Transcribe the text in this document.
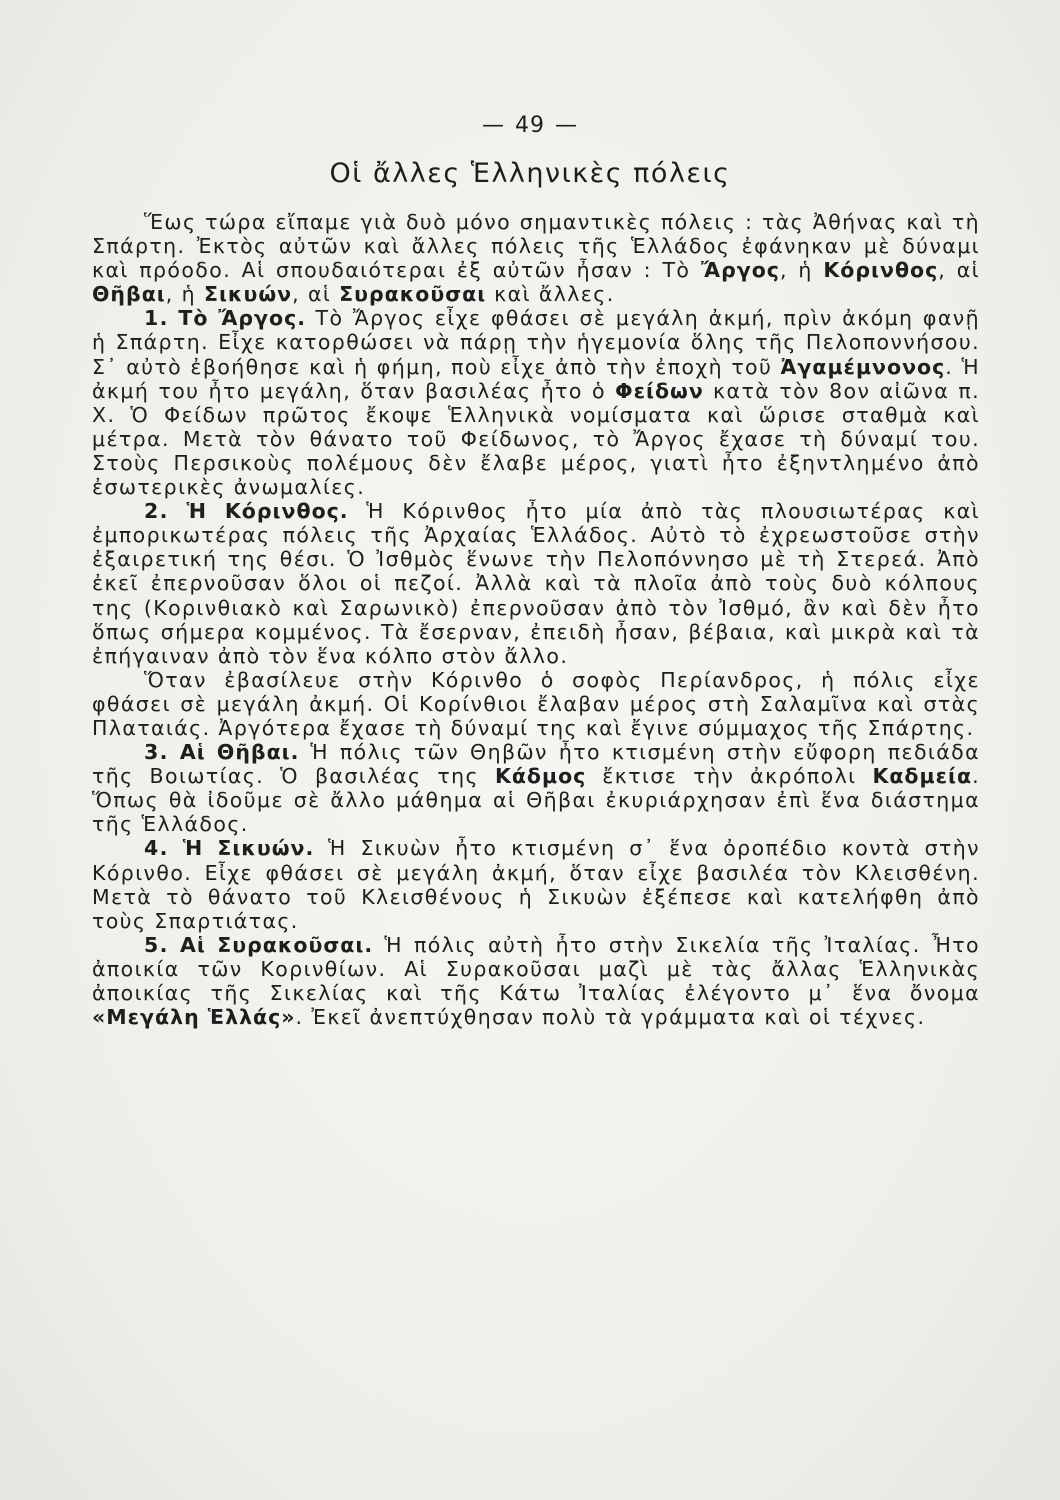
— 49 —
Οἱ ἄλλες Ἑλληνικὲς πόλεις

Ἕως τώρα εἴπαμε γιὰ δυὸ μόνο σημαντικὲς πόλεις : τὰς Ἀθήνας καὶ τὴ Σπάρτη. Ἐκτὸς αὐτῶν καὶ ἄλλες πόλεις τῆς Ἑλλάδος ἐφάνηκαν μὲ δύναμι καὶ πρόοδο. Αἱ σπουδαιότεραι ἐξ αὐτῶν ἦσαν : Τὸ Ἄργος, ἡ Κόρινθος, αἱ Θῆβαι, ἡ Σικυών, αἱ Συρακοῦσαι καὶ ἄλλες.

1. Τὸ Ἄργος. Τὸ Ἄργος εἶχε φθάσει σὲ μεγάλη ἀκμή, πρὶν ἀκόμη φανῇ ἡ Σπάρτη. Εἶχε κατορθώσει νὰ πάρῃ τὴν ἡγεμονία ὅλης τῆς Πελοποννήσου. Σ᾿ αὐτὸ ἐβοήθησε καὶ ἡ φήμη, ποὺ εἶχε ἀπὸ τὴν ἐποχὴ τοῦ Ἀγαμέμνονος. Ἡ ἀκμή του ἦτο μεγάλη, ὅταν βασιλέας ἦτο ὁ Φείδων κατὰ τὸν 8ον αἰῶνα π. Χ. Ὁ Φείδων πρῶτος ἔκοψε Ἑλληνικὰ νομίσματα καὶ ὥρισε σταθμὰ καὶ μέτρα. Μετὰ τὸν θάνατο τοῦ Φείδωνος, τὸ Ἄργος ἔχασε τὴ δύναμί του. Στοὺς Περσικοὺς πολέμους δὲν ἔλαβε μέρος, γιατὶ ἦτο ἐξηντλημένο ἀπὸ ἐσωτερικὲς ἀνωμαλίες.

2. Ἡ Κόρινθος. Ἡ Κόρινθος ἦτο μία ἀπὸ τὰς πλουσιωτέρας καὶ ἐμπορικωτέρας πόλεις τῆς Ἀρχαίας Ἑλλάδος. Αὐτὸ τὸ ἐχρεωστοῦσε στὴν ἐξαιρετική της θέσι. Ὁ Ἰσθμὸς ἕνωνε τὴν Πελοπόννησο μὲ τὴ Στερεά. Ἀπὸ ἐκεῖ ἐπερνοῦσαν ὅλοι οἱ πεζοί. Ἀλλὰ καὶ τὰ πλοῖα ἀπὸ τοὺς δυὸ κόλπους της (Κορινθιακὸ καὶ Σαρωνικὸ) ἐπερνοῦσαν ἀπὸ τὸν Ἰσθμό, ἂν καὶ δὲν ἦτο ὅπως σήμερα κομμένος. Τὰ ἔσερναν, ἐπειδὴ ἦσαν, βέβαια, καὶ μικρὰ καὶ τὰ ἐπήγαιναν ἀπὸ τὸν ἕνα κόλπο στὸν ἄλλο.

Ὅταν ἐβασίλευε στὴν Κόρινθο ὁ σοφὸς Περίανδρος, ἡ πόλις εἶχε φθάσει σὲ μεγάλη ἀκμή. Οἱ Κορίνθιοι ἔλαβαν μέρος στὴ Σαλαμῖνα καὶ στὰς Πλαταιάς. Ἀργότερα ἔχασε τὴ δύναμί της καὶ ἔγινε σύμμαχος τῆς Σπάρτης.

3. Αἱ Θῆβαι. Ἡ πόλις τῶν Θηβῶν ἦτο κτισμένη στὴν εὔφορη πεδιάδα τῆς Βοιωτίας. Ὁ βασιλέας της Κάδμος ἔκτισε τὴν ἀκρόπολι Καδμεία. Ὅπως θὰ ἰδοῦμε σὲ ἄλλο μάθημα αἱ Θῆβαι ἐκυριάρχησαν ἐπὶ ἕνα διάστημα τῆς Ἑλλάδος.

4. Ἡ Σικυών. Ἡ Σικυὼν ἦτο κτισμένη σ᾿ ἕνα ὀροπέδιο κοντὰ στὴν Κόρινθο. Εἶχε φθάσει σὲ μεγάλη ἀκμή, ὅταν εἶχε βασιλέα τὸν Κλεισθένη. Μετὰ τὸ θάνατο τοῦ Κλεισθένους ἡ Σικυὼν ἐξέπεσε καὶ κατελήφθη ἀπὸ τοὺς Σπαρτιάτας.

5. Αἱ Συρακοῦσαι. Ἡ πόλις αὐτὴ ἦτο στὴν Σικελία τῆς Ἰταλίας. Ἦτο ἀποικία τῶν Κορινθίων. Αἱ Συρακοῦσαι μαζὶ μὲ τὰς ἄλλας Ἑλληνικὰς ἀποικίας τῆς Σικελίας καὶ τῆς Κάτω Ἰταλίας ἐλέγοντο μ᾿ ἕνα ὄνομα «Μεγάλη Ἑλλάς». Ἐκεῖ ἀνεπτύχθησαν πολὺ τὰ γράμματα καὶ οἱ τέχνες.
